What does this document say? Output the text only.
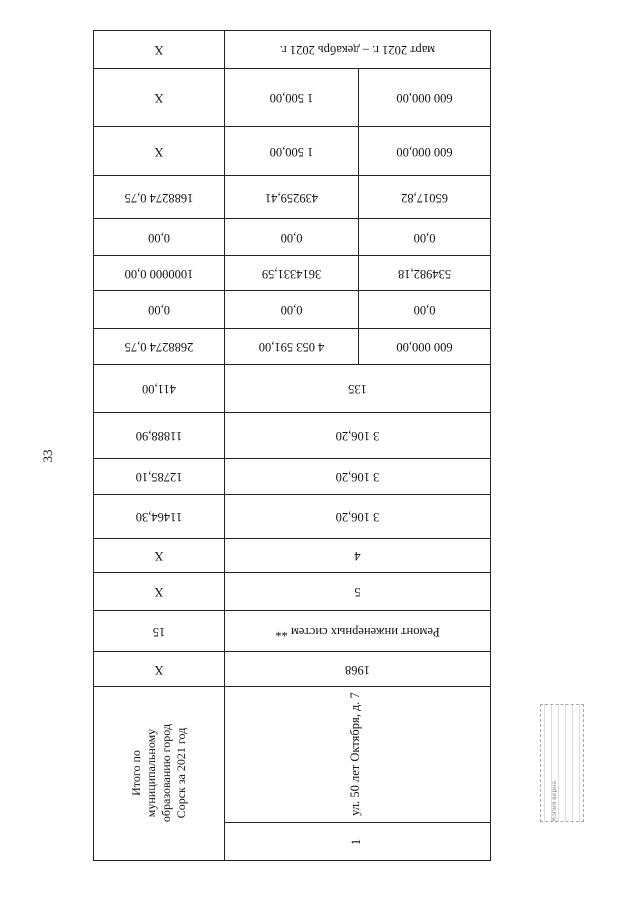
33
Х	март 2021 г. – декабрь 2021 г.
Х	1 500,00	600 000,00
Х	1 500,00	600 000,00
1688274 0,75	439259,41	65017,82
0,00	0,00	0,00
1000000 0,00	3614331,59	534982,18
0,00	0,00	0,00
2688274 0,75	4 053 591,00	600 000,00
411,00	135
11888,90	3 106,20
12785,10	3 106,20
11464,30	3 106,20
Х	4
Х	5
15	Ремонт инженерных систем **
Х	1968
Итого по муниципальному образованию город Сорск за 2021 год	ул. 50 лет Октября, д. 7
1
Копия верна
